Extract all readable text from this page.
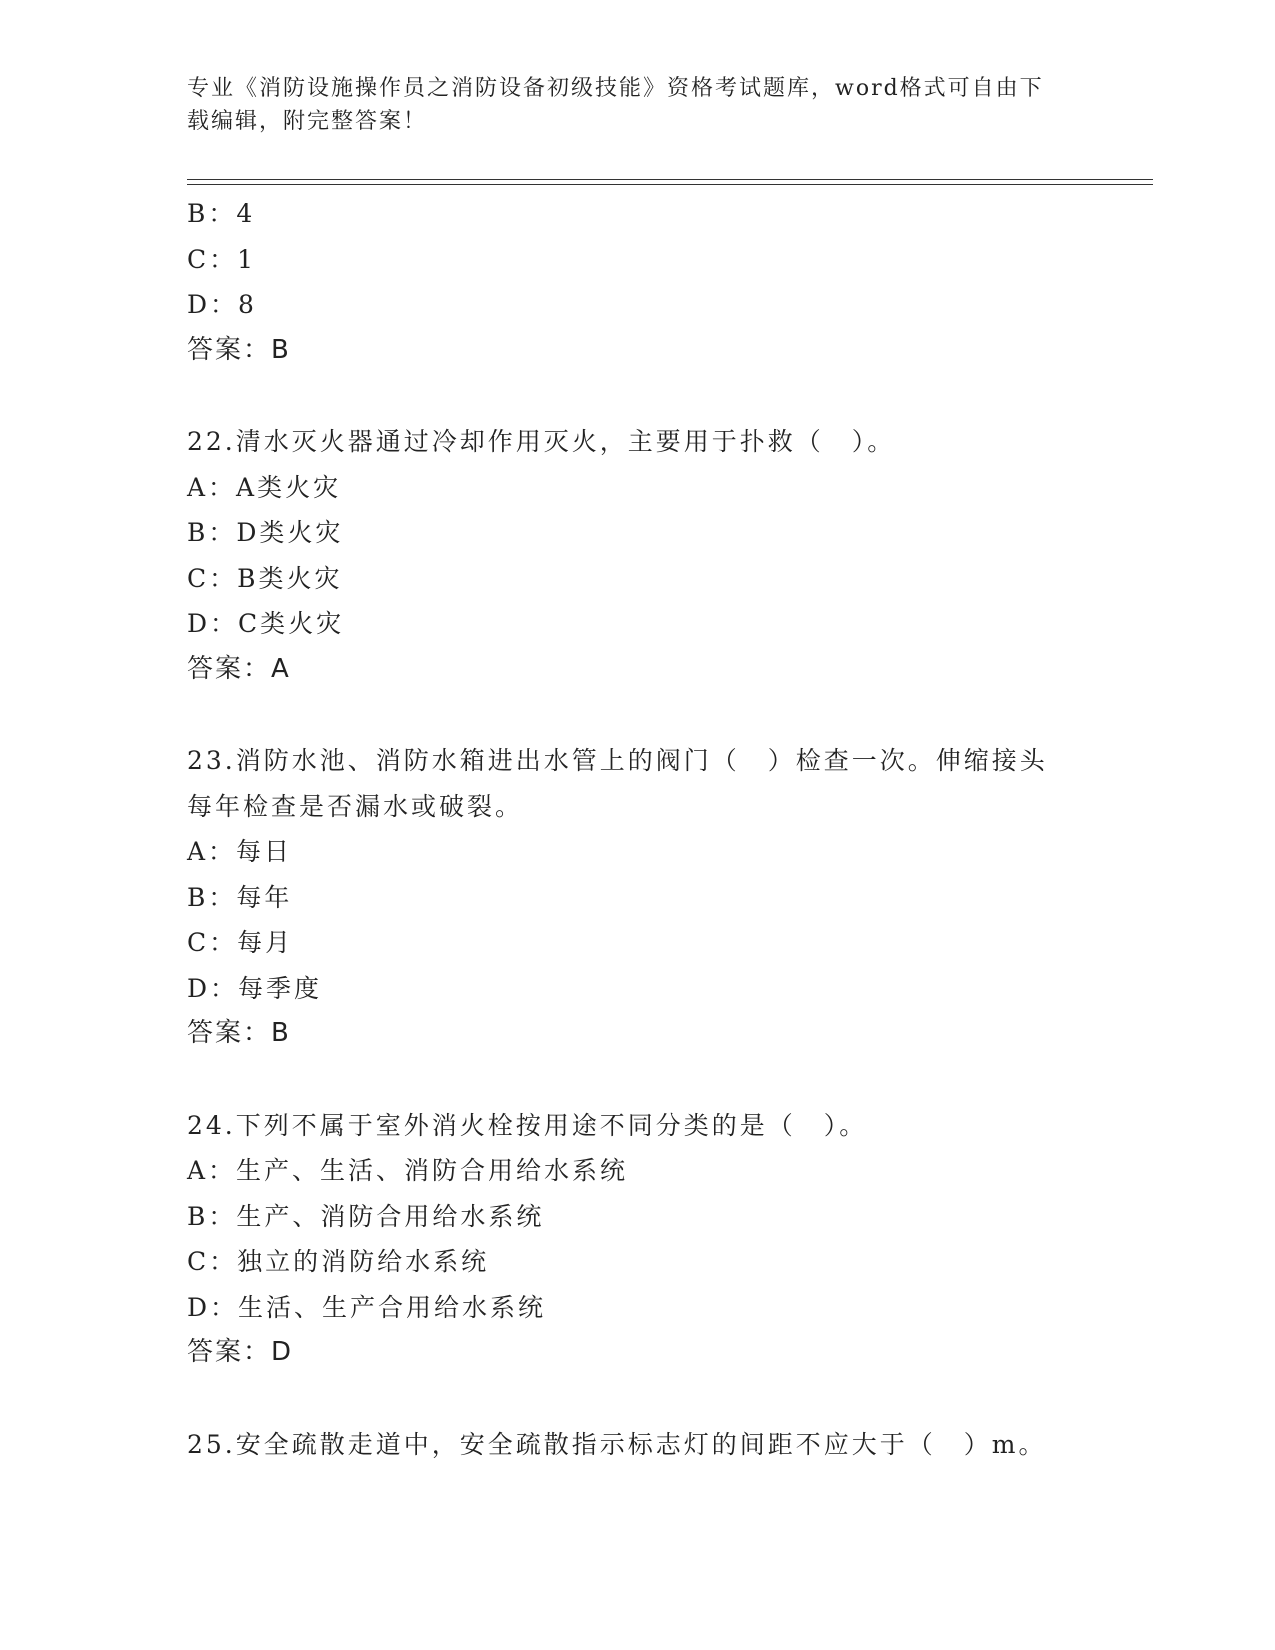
专业《消防设施操作员之消防设备初级技能》资格考试题库，word格式可自由下载编辑，附完整答案！
B：4
C：1
D：8
答案：B
22.清水灭火器通过冷却作用灭火，主要用于扑救（　）。
A：A类火灾
B：D类火灾
C：B类火灾
D：C类火灾
答案：A
23.消防水池、消防水箱进出水管上的阀门（　）检查一次。伸缩接头每年检查是否漏水或破裂。
A：每日
B：每年
C：每月
D：每季度
答案：B
24.下列不属于室外消火栓按用途不同分类的是（　）。
A：生产、生活、消防合用给水系统
B：生产、消防合用给水系统
C：独立的消防给水系统
D：生活、生产合用给水系统
答案：D
25.安全疏散走道中，安全疏散指示标志灯的间距不应大于（　）m。
